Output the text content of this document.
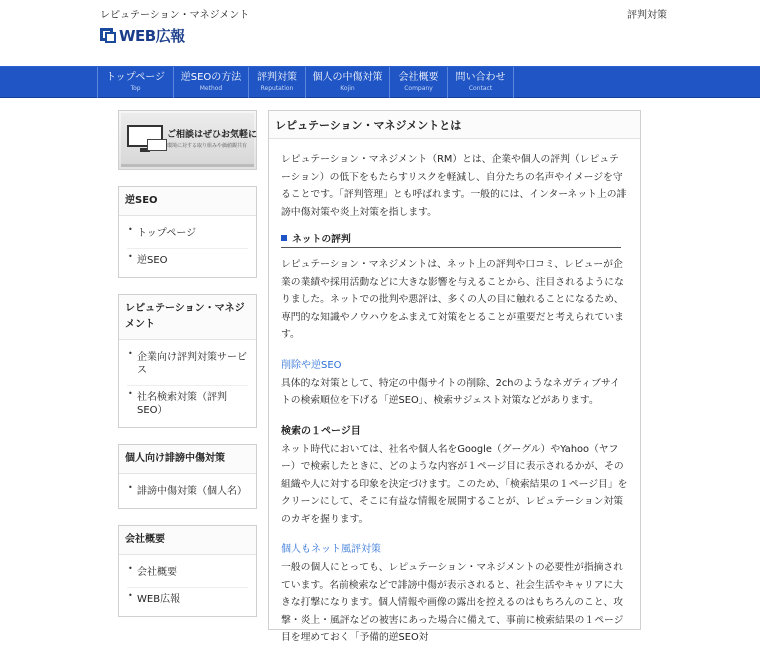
レピュテーション・マネジメント	評判対策
WEB広報
トップページ
Top
逆SEOの方法
Method
評判対策
Reputation
個人の中傷対策
Kojin
会社概要
Company
問い合わせ
Contact
ご相談はぜひお気軽に
環境に対する取り組みや価値観共有
逆SEO
• トップページ
• 逆SEO
レピュテーション・マネジメント
• 企業向け評判対策サービス
• 社名検索対策（評判SEO）
個人向け誹謗中傷対策
• 誹謗中傷対策（個人名）
会社概要
• 会社概要
• WEB広報
レピュテーション・マネジメントとは

レピュテーション・マネジメント（RM）とは、企業や個人の評判（レピュテーション）の低下をもたらすリスクを軽減し、自分たちの名声やイメージを守ることです。「評判管理」とも呼ばれます。一般的には、インターネット上の誹謗中傷対策や炎上対策を指します。

ネットの評判

レピュテーション・マネジメントは、ネット上の評判や口コミ、レビューが企業の業績や採用活動などに大きな影響を与えることから、注目されるようになりました。ネットでの批判や悪評は、多くの人の目に触れることになるため、専門的な知識やノウハウをふまえて対策をとることが重要だと考えられています。

削除や逆SEO

具体的な対策として、特定の中傷サイトの削除、2chのようなネガティブサイトの検索順位を下げる「逆SEO」、検索サジェスト対策などがあります。

検索の１ページ目

ネット時代においては、社名や個人名をGoogle（グーグル）やYahoo（ヤフー）で検索したときに、どのような内容が１ページ目に表示されるかが、その組織や人に対する印象を決定づけます。このため、「検索結果の１ページ目」をクリーンにして、そこに有益な情報を展開することが、レピュテーション対策のカギを握ります。

個人もネット風評対策

一般の個人にとっても、レピュテーション・マネジメントの必要性が指摘されています。名前検索などで誹謗中傷が表示されると、社会生活やキャリアに大きな打撃になります。個人情報や画像の露出を控えるのはもちろんのこと、攻撃・炎上・風評などの被害にあった場合に備えて、事前に検索結果の１ページ目を埋めておく「予備的逆SEO対
